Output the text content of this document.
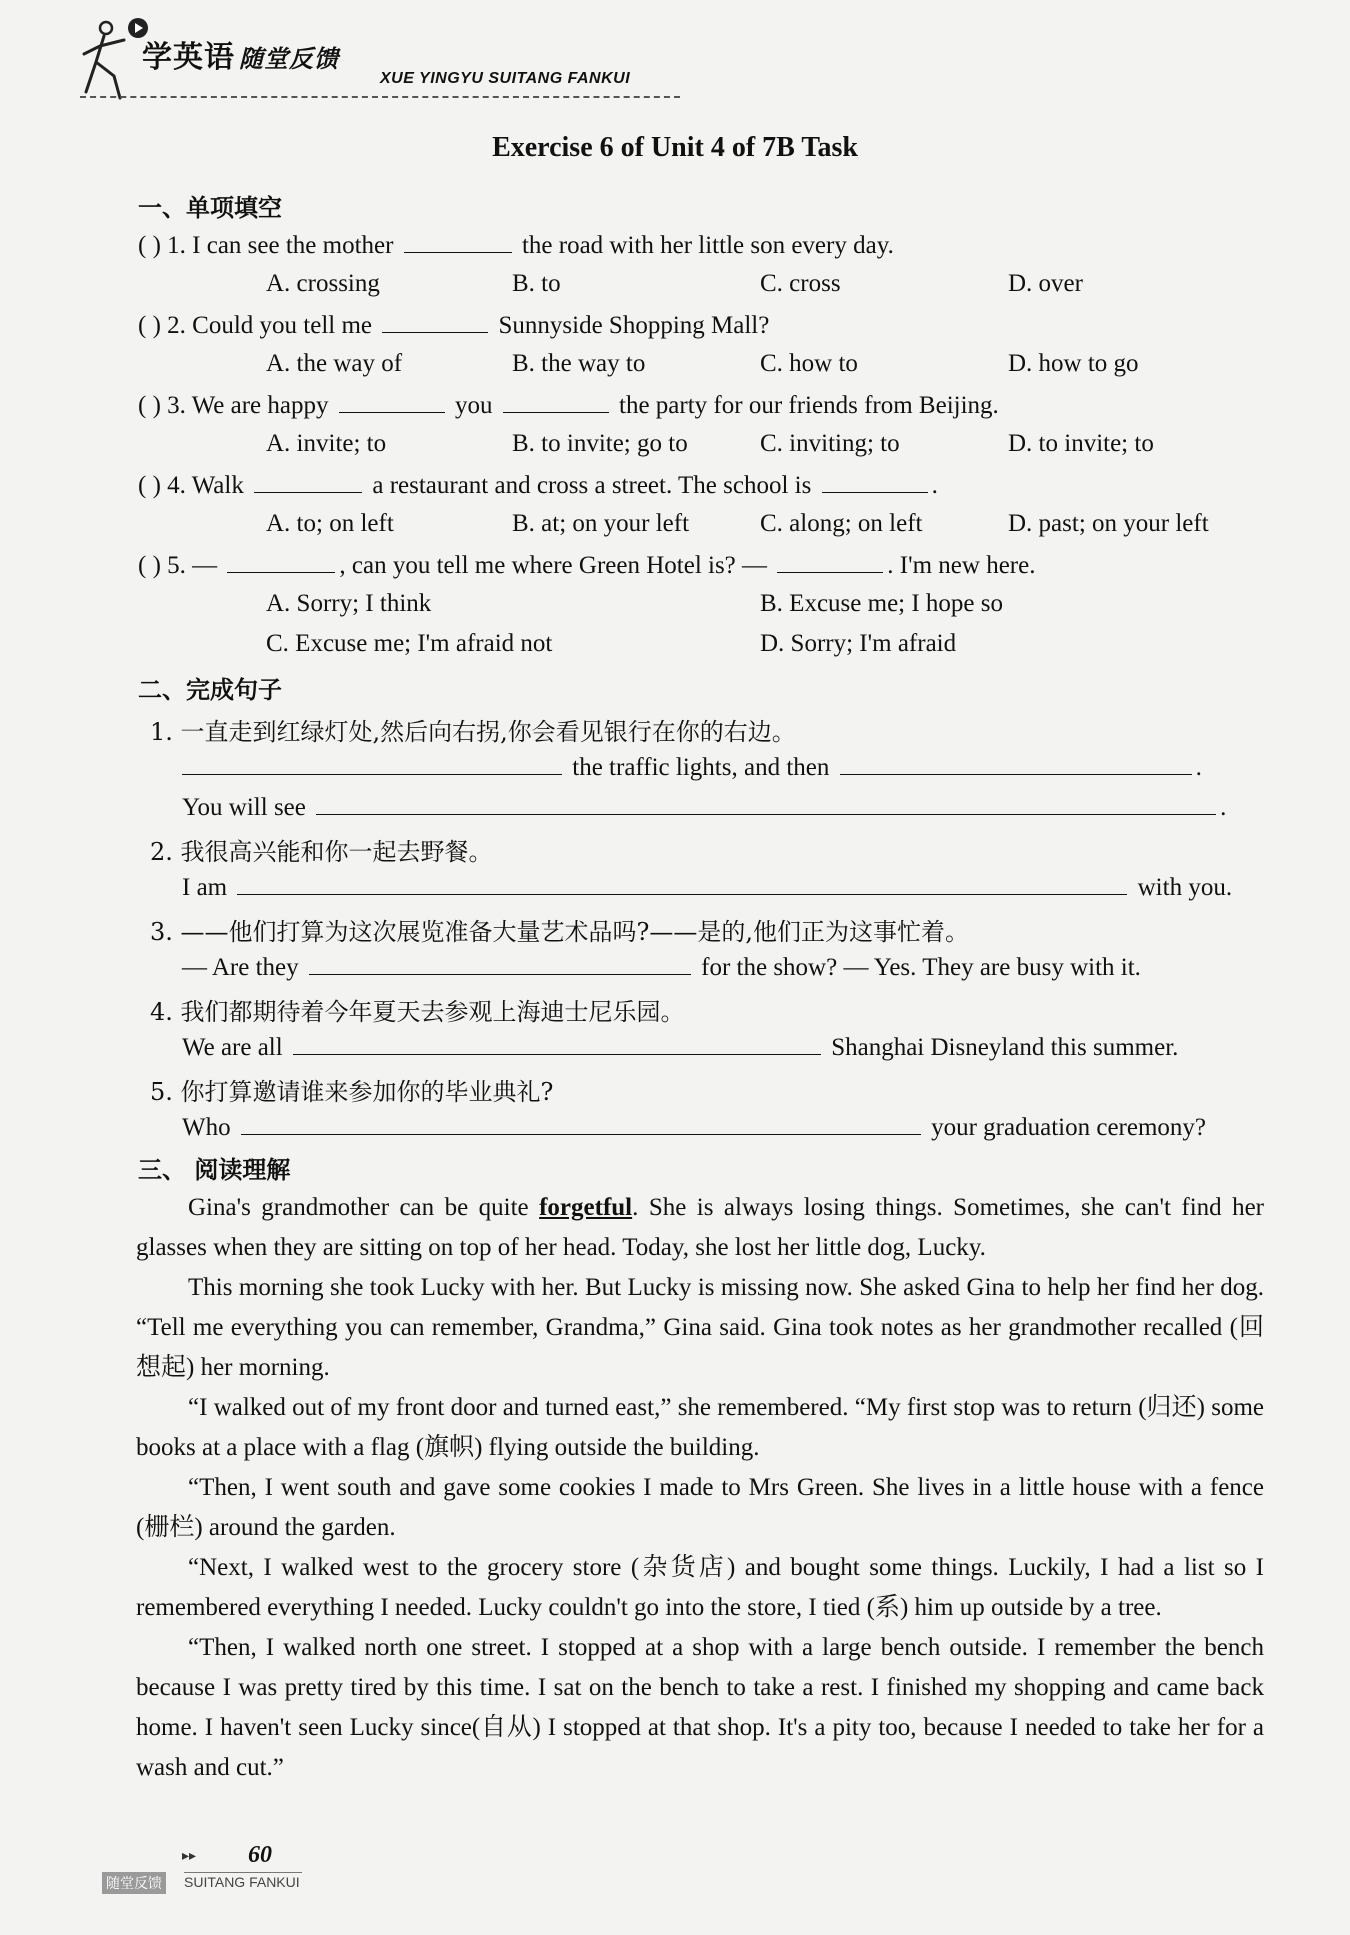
学英语 随堂反馈
XUE YINGYU SUITANG FANKUI
Exercise 6 of Unit 4 of 7B Task
一、单项填空
( ) 1. I can see the mother	the road with her little son every day.
A. crossing	B. to	C. cross	D. over
( ) 2. Could you tell me	Sunnyside Shopping Mall?
A. the way of	B. the way to	C. how to	D. how to go
( ) 3. We are happy	you	the party for our friends from Beijing.
A. invite; to	B. to invite; go to	C. inviting; to	D. to invite; to
( ) 4. Walk	a restaurant and cross a street. The school is	.
A. to; on left	B. at; on your left	C. along; on left	D. past; on your left
( ) 5. —	, can you tell me where Green Hotel is? —	. I'm new here.
A. Sorry; I think	B. Excuse me; I hope so
C. Excuse me; I'm afraid not	D. Sorry; I'm afraid
二、完成句子
1. 一直走到红绿灯处,然后向右拐,你会看见银行在你的右边。
the traffic lights, and then	.
You will see	.
2. 我很高兴能和你一起去野餐。
I am	with you.
3. ——他们打算为这次展览准备大量艺术品吗?——是的,他们正为这事忙着。
— Are they	for the show? — Yes. They are busy with it.
4. 我们都期待着今年夏天去参观上海迪士尼乐园。
We are all	Shanghai Disneyland this summer.
5. 你打算邀请谁来参加你的毕业典礼?
Who	your graduation ceremony?
三、 阅读理解

Gina's grandmother can be quite forgetful. She is always losing things. Sometimes, she can't find her glasses when they are sitting on top of her head. Today, she lost her little dog, Lucky.

This morning she took Lucky with her. But Lucky is missing now. She asked Gina to help her find her dog. “Tell me everything you can remember, Grandma,” Gina said. Gina took notes as her grandmother recalled (回想起) her morning.

“I walked out of my front door and turned east,” she remembered. “My first stop was to return (归还) some books at a place with a flag (旗帜) flying outside the building.

“Then, I went south and gave some cookies I made to Mrs Green. She lives in a little house with a fence (栅栏) around the garden.

“Next, I walked west to the grocery store (杂货店) and bought some things. Luckily, I had a list so I remembered everything I needed. Lucky couldn't go into the store, I tied (系) him up outside by a tree.

“Then, I walked north one street. I stopped at a shop with a large bench outside. I remember the bench because I was pretty tired by this time. I sat on the bench to take a rest. I finished my shopping and came back home. I haven't seen Lucky since(自从) I stopped at that shop. It's a pity too, because I needed to take her for a wash and cut.”

▸▸ 60
随堂反馈 SUITANG FANKUI
